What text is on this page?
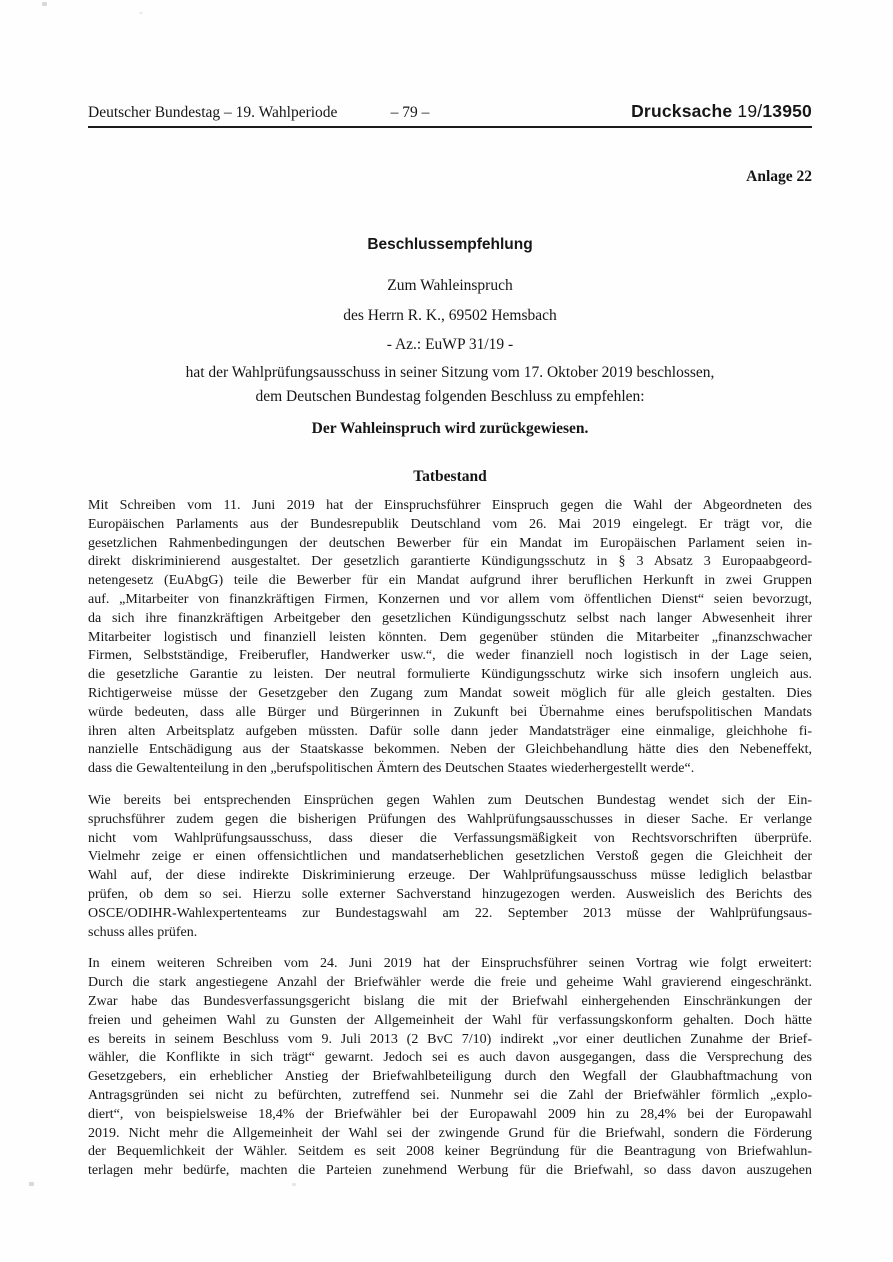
Deutscher Bundestag – 19. Wahlperiode	– 79 –	Drucksache 19/13950
Anlage 22
Beschlussempfehlung
Zum Wahleinspruch
des Herrn R. K., 69502 Hemsbach
- Az.: EuWP 31/19 -
hat der Wahlprüfungsausschuss in seiner Sitzung vom 17. Oktober 2019 beschlossen,
dem Deutschen Bundestag folgenden Beschluss zu empfehlen:
Der Wahleinspruch wird zurückgewiesen.
Tatbestand
Mit Schreiben vom 11. Juni 2019 hat der Einspruchsführer Einspruch gegen die Wahl der Abgeordneten des
Europäischen Parlaments aus der Bundesrepublik Deutschland vom 26. Mai 2019 eingelegt. Er trägt vor, die
gesetzlichen Rahmenbedingungen der deutschen Bewerber für ein Mandat im Europäischen Parlament seien in-
direkt diskriminierend ausgestaltet. Der gesetzlich garantierte Kündigungsschutz in § 3 Absatz 3 Europaabgeord-
netengesetz (EuAbgG) teile die Bewerber für ein Mandat aufgrund ihrer beruflichen Herkunft in zwei Gruppen
auf. „Mitarbeiter von finanzkräftigen Firmen, Konzernen und vor allem vom öffentlichen Dienst“ seien bevorzugt,
da sich ihre finanzkräftigen Arbeitgeber den gesetzlichen Kündigungsschutz selbst nach langer Abwesenheit ihrer
Mitarbeiter logistisch und finanziell leisten könnten. Dem gegenüber stünden die Mitarbeiter „finanzschwacher
Firmen, Selbstständige, Freiberufler, Handwerker usw.“, die weder finanziell noch logistisch in der Lage seien,
die gesetzliche Garantie zu leisten. Der neutral formulierte Kündigungsschutz wirke sich insofern ungleich aus.
Richtigerweise müsse der Gesetzgeber den Zugang zum Mandat soweit möglich für alle gleich gestalten. Dies
würde bedeuten, dass alle Bürger und Bürgerinnen in Zukunft bei Übernahme eines berufspolitischen Mandats
ihren alten Arbeitsplatz aufgeben müssten. Dafür solle dann jeder Mandatsträger eine einmalige, gleichhohe fi-
nanzielle Entschädigung aus der Staatskasse bekommen. Neben der Gleichbehandlung hätte dies den Nebeneffekt,
dass die Gewaltenteilung in den „berufspolitischen Ämtern des Deutschen Staates wiederhergestellt werde“.
Wie bereits bei entsprechenden Einsprüchen gegen Wahlen zum Deutschen Bundestag wendet sich der Ein-
spruchsführer zudem gegen die bisherigen Prüfungen des Wahlprüfungsausschusses in dieser Sache. Er verlange
nicht vom Wahlprüfungsausschuss, dass dieser die Verfassungsmäßigkeit von Rechtsvorschriften überprüfe.
Vielmehr zeige er einen offensichtlichen und mandatserheblichen gesetzlichen Verstoß gegen die Gleichheit der
Wahl auf, der diese indirekte Diskriminierung erzeuge. Der Wahlprüfungsausschuss müsse lediglich belastbar
prüfen, ob dem so sei. Hierzu solle externer Sachverstand hinzugezogen werden. Ausweislich des Berichts des
OSCE/ODIHR-Wahlexpertenteams zur Bundestagswahl am 22. September 2013 müsse der Wahlprüfungsaus-
schuss alles prüfen.
In einem weiteren Schreiben vom 24. Juni 2019 hat der Einspruchsführer seinen Vortrag wie folgt erweitert:
Durch die stark angestiegene Anzahl der Briefwähler werde die freie und geheime Wahl gravierend eingeschränkt.
Zwar habe das Bundesverfassungsgericht bislang die mit der Briefwahl einhergehenden Einschränkungen der
freien und geheimen Wahl zu Gunsten der Allgemeinheit der Wahl für verfassungskonform gehalten. Doch hätte
es bereits in seinem Beschluss vom 9. Juli 2013 (2 BvC 7/10) indirekt „vor einer deutlichen Zunahme der Brief-
wähler, die Konflikte in sich trägt“ gewarnt. Jedoch sei es auch davon ausgegangen, dass die Versprechung des
Gesetzgebers, ein erheblicher Anstieg der Briefwahlbeteiligung durch den Wegfall der Glaubhaftmachung von
Antragsgründen sei nicht zu befürchten, zutreffend sei. Nunmehr sei die Zahl der Briefwähler förmlich „explo-
diert“, von beispielsweise 18,4% der Briefwähler bei der Europawahl 2009 hin zu 28,4% bei der Europawahl
2019. Nicht mehr die Allgemeinheit der Wahl sei der zwingende Grund für die Briefwahl, sondern die Förderung
der Bequemlichkeit der Wähler. Seitdem es seit 2008 keiner Begründung für die Beantragung von Briefwahlun-
terlagen mehr bedürfe, machten die Parteien zunehmend Werbung für die Briefwahl, so dass davon auszugehen
